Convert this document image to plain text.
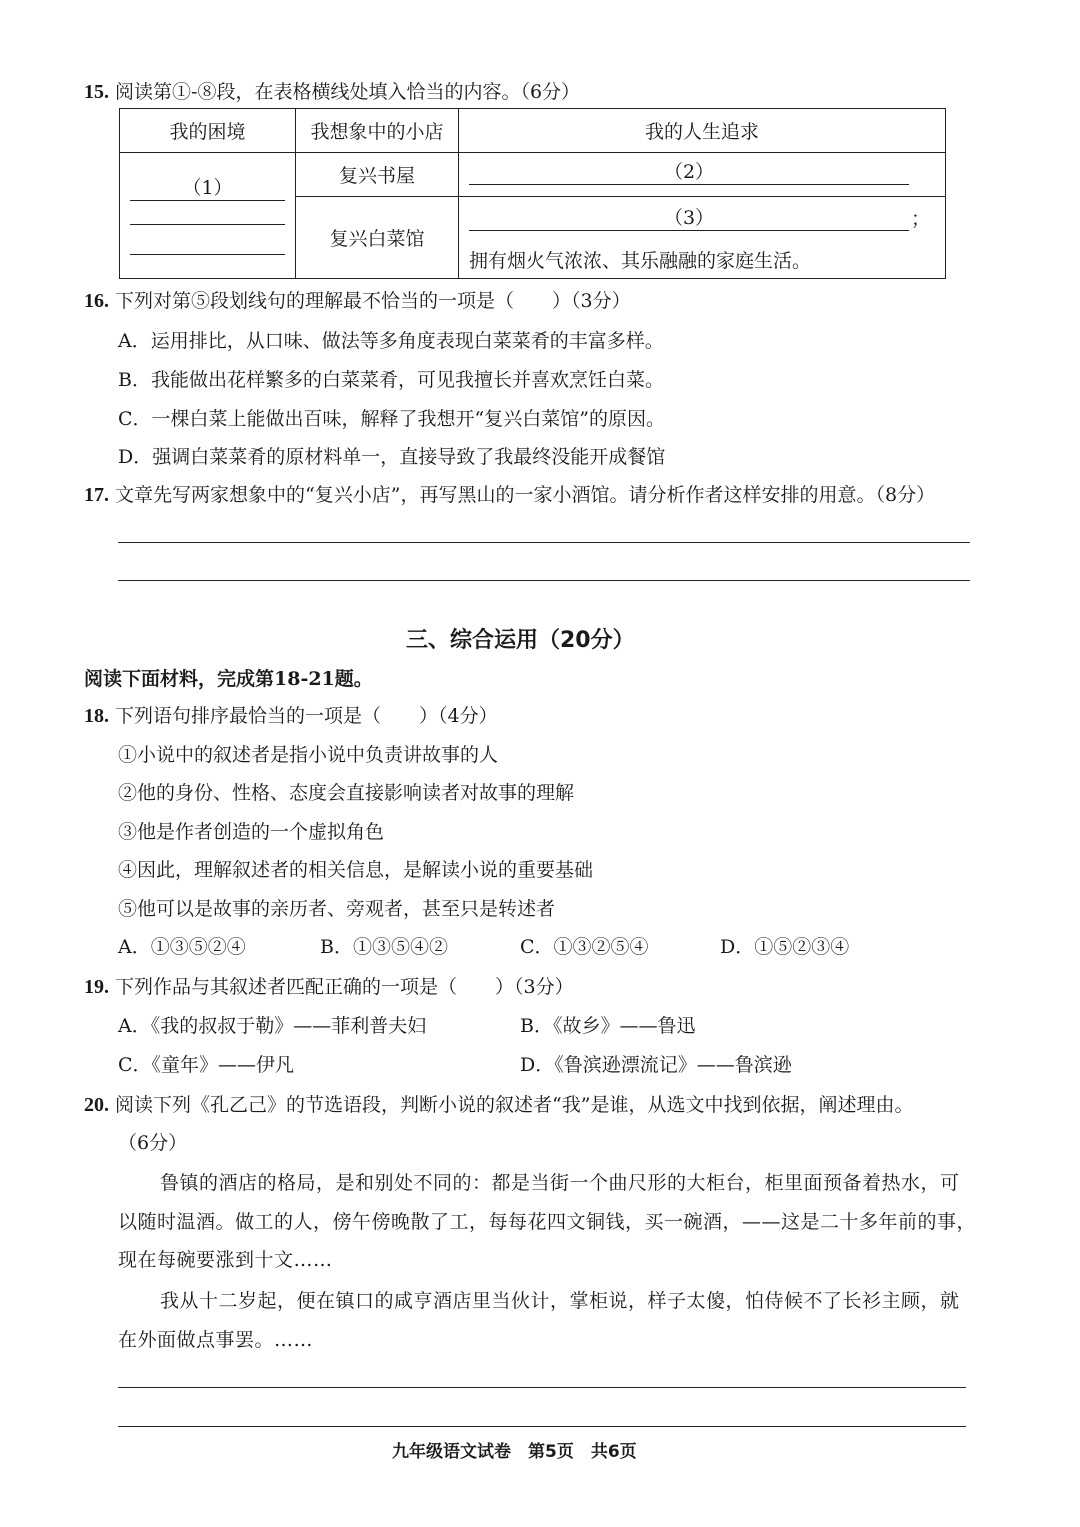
15. 阅读第①-⑧段，在表格横线处填入恰当的内容。（6分）
我的困境	我想象中的小店	我的人生追求

（1）	复兴书屋	（2）

	复兴白菜馆	（3） ；
拥有烟火气浓浓、其乐融融的家庭生活。
16. 下列对第⑤段划线句的理解最不恰当的一项是（　　）（3分）
A．运用排比，从口味、做法等多角度表现白菜菜肴的丰富多样。
B．我能做出花样繁多的白菜菜肴，可见我擅长并喜欢烹饪白菜。
C．一棵白菜上能做出百味，解释了我想开“复兴白菜馆”的原因。
D．强调白菜菜肴的原材料单一，直接导致了我最终没能开成餐馆
17. 文章先写两家想象中的“复兴小店”，再写黑山的一家小酒馆。请分析作者这样安排的用意。（8分）
三、综合运用（20分）
阅读下面材料，完成第18-21题。
18. 下列语句排序最恰当的一项是（　　）（4分）
①小说中的叙述者是指小说中负责讲故事的人
②他的身份、性格、态度会直接影响读者对故事的理解
③他是作者创造的一个虚拟角色
④因此，理解叙述者的相关信息，是解读小说的重要基础
⑤他可以是故事的亲历者、旁观者，甚至只是转述者
A．①③⑤②④	B．①③⑤④②	C．①③②⑤④	D．①⑤②③④
19. 下列作品与其叙述者匹配正确的一项是（　　）（3分）
A．《我的叔叔于勒》——菲利普夫妇	B．《故乡》——鲁迅
C．《童年》——伊凡	D．《鲁滨逊漂流记》——鲁滨逊
20. 阅读下列《孔乙己》的节选语段，判断小说的叙述者“我”是谁，从选文中找到依据，阐述理由。
（6分）
鲁镇的酒店的格局，是和别处不同的：都是当街一个曲尺形的大柜台，柜里面预备着热水，可
以随时温酒。做工的人，傍午傍晚散了工，每每花四文铜钱，买一碗酒，——这是二十多年前的事，
现在每碗要涨到十文……
我从十二岁起，便在镇口的咸亨酒店里当伙计，掌柜说，样子太傻，怕侍候不了长衫主顾，就
在外面做点事罢。……
九年级语文试卷　第5页　共6页
